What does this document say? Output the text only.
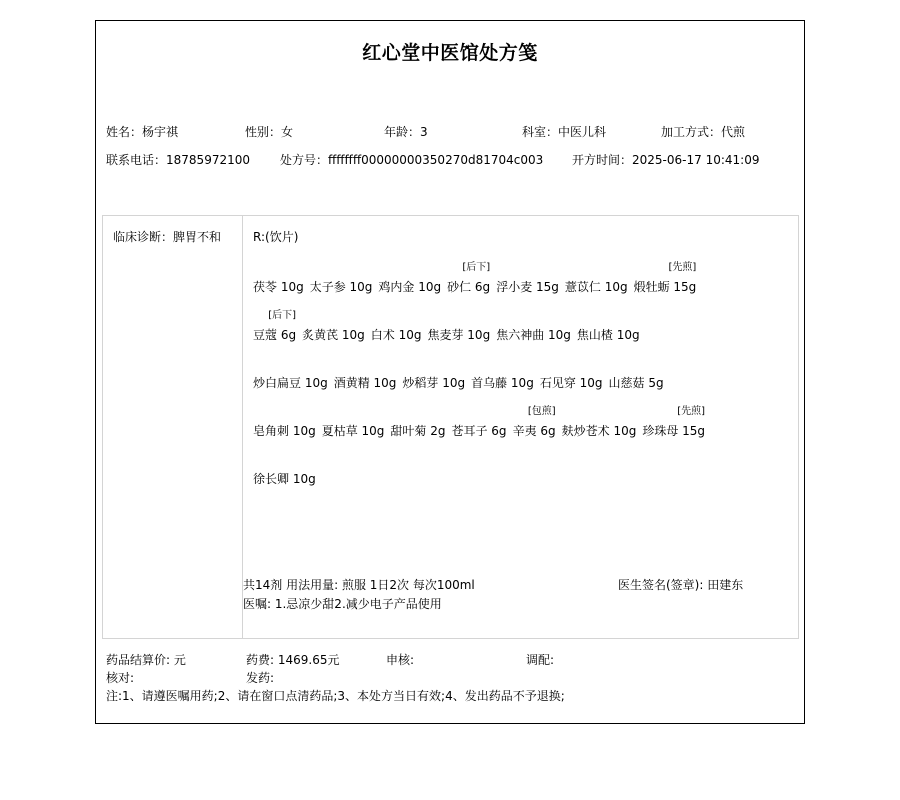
红心堂中医馆处方笺
姓名：杨宇祺	性别：女	年龄：3	科室：中医儿科	加工方式：代煎
联系电话：18785972100	处方号：ffffffff00000000350270d81704c003 开方时间：2025-06-17 10:41:09
临床诊断：脾胃不和	R:(饮片)
茯苓 10g 太子参 10g 鸡内金 10g 砂仁 6g
[后下]
浮小麦 15g 薏苡仁 10g 煅牡蛎 15g
[先煎]
豆蔻 6g
[后下]
炙黄芪 10g 白术 10g 焦麦芽 10g 焦六神曲 10g 焦山楂 10g
炒白扁豆 10g 酒黄精 10g 炒稻芽 10g 首乌藤 10g 石见穿 10g 山慈菇 5g
皂角刺 10g 夏枯草 10g 甜叶菊 2g 苍耳子 6g 辛夷 6g
[包煎]
麸炒苍术 10g 珍珠母 15g
[先煎]
徐长卿 10g
共14剂 用法用量: 煎服 1日2次 每次100ml
医嘱: 1.忌凉少甜2.减少电子产品使用
医生签名(签章): 田建东
药品结算价: 元	药费: 1469.65元	申核:	调配:
核对:	发药:
注:1、请遵医嘱用药;2、请在窗口点清药品;3、本处方当日有效;4、发出药品不予退换;
